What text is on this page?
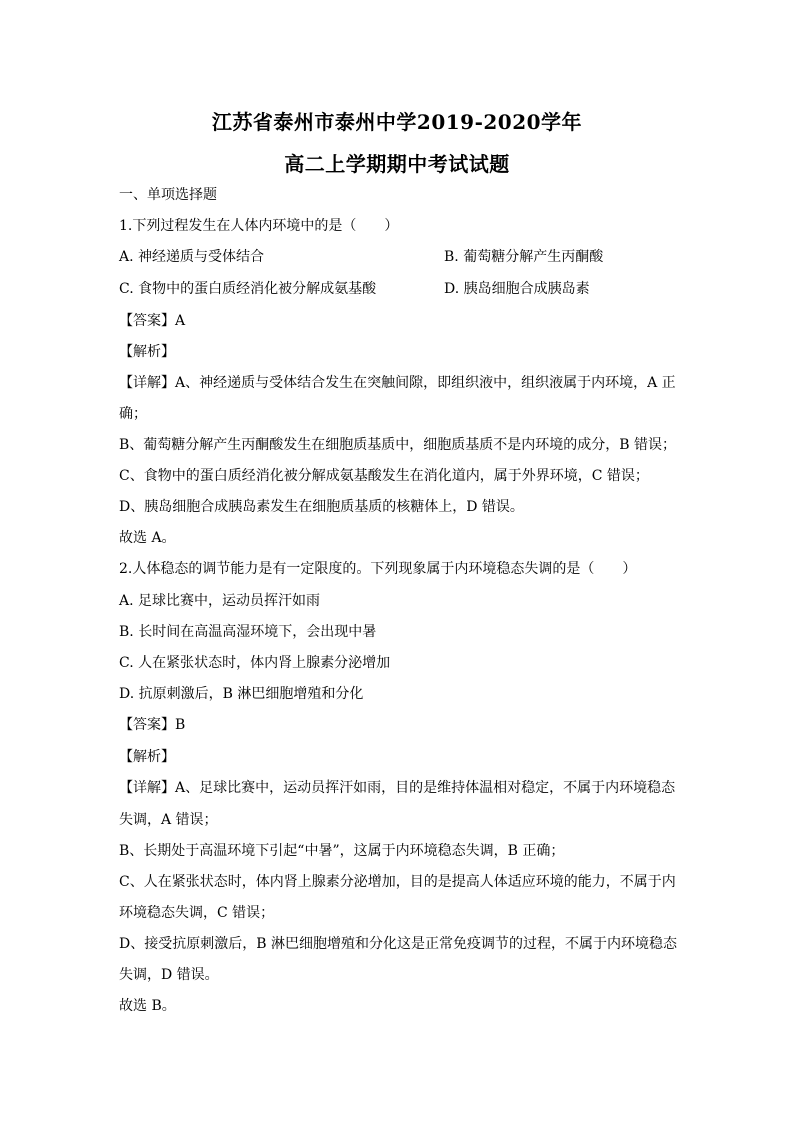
江苏省泰州市泰州中学2019-2020学年
高二上学期期中考试试题
一、单项选择题
1.下列过程发生在人体内环境中的是（　　）
A. 神经递质与受体结合	B. 葡萄糖分解产生丙酮酸
C. 食物中的蛋白质经消化被分解成氨基酸	D. 胰岛细胞合成胰岛素
【答案】A
【解析】
【详解】A、神经递质与受体结合发生在突触间隙，即组织液中，组织液属于内环境，A 正
确；
B、葡萄糖分解产生丙酮酸发生在细胞质基质中，细胞质基质不是内环境的成分，B 错误；
C、食物中的蛋白质经消化被分解成氨基酸发生在消化道内，属于外界环境，C 错误；
D、胰岛细胞合成胰岛素发生在细胞质基质的核糖体上，D 错误。
故选 A。
2.人体稳态的调节能力是有一定限度的。下列现象属于内环境稳态失调的是（　　）
A. 足球比赛中，运动员挥汗如雨
B. 长时间在高温高湿环境下，会出现中暑
C. 人在紧张状态时，体内肾上腺素分泌增加
D. 抗原刺激后，B 淋巴细胞增殖和分化
【答案】B
【解析】
【详解】A、足球比赛中，运动员挥汗如雨，目的是维持体温相对稳定，不属于内环境稳态
失调，A 错误；
B、长期处于高温环境下引起“中暑”，这属于内环境稳态失调，B 正确；
C、人在紧张状态时，体内肾上腺素分泌增加，目的是提高人体适应环境的能力，不属于内
环境稳态失调，C 错误；
D、接受抗原刺激后，B 淋巴细胞增殖和分化这是正常免疫调节的过程，不属于内环境稳态
失调，D 错误。
故选 B。
